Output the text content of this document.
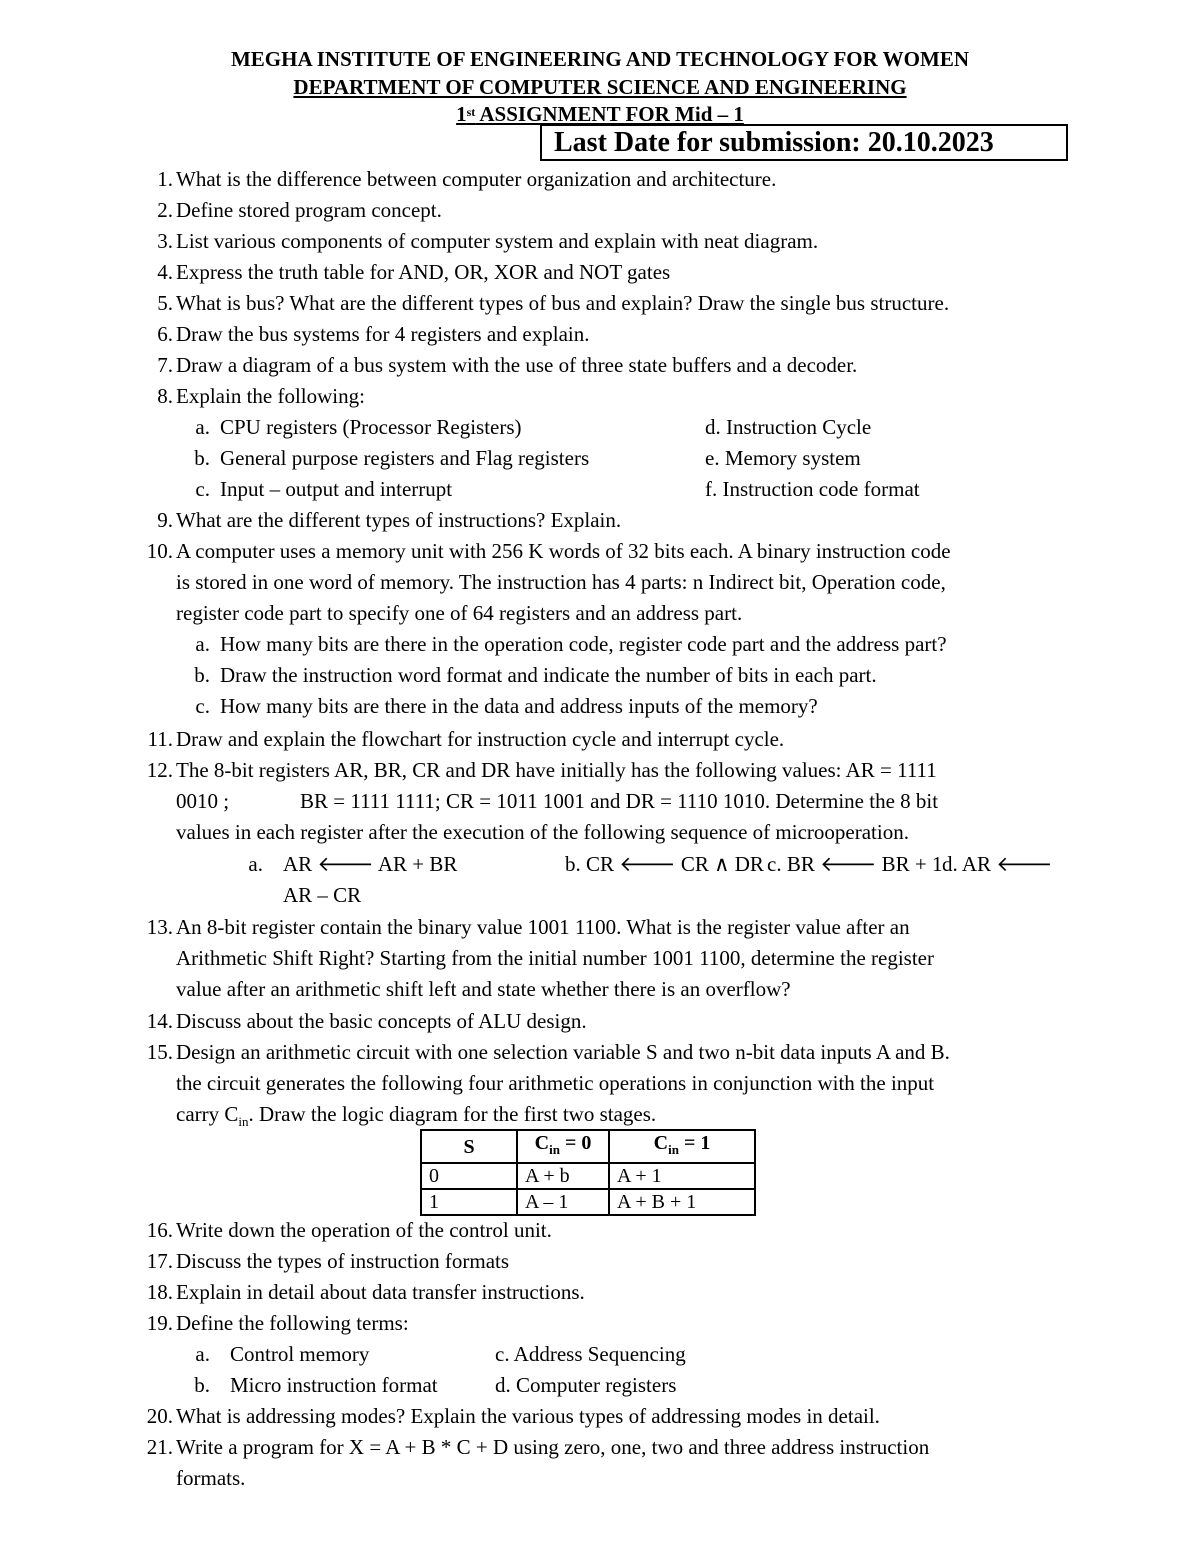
MEGHA INSTITUTE OF ENGINEERING AND TECHNOLOGY FOR WOMEN
DEPARTMENT OF COMPUTER SCIENCE AND ENGINEERING
1st ASSIGNMENT FOR Mid – 1
Last Date for submission: 20.10.2023
1. What is the difference between computer organization and architecture.
2. Define stored program concept.
3. List various components of computer system and explain with neat diagram.
4. Express the truth table for AND, OR, XOR and NOT gates
5. What is bus? What are the different types of bus and explain? Draw the single bus structure.
6. Draw the bus systems for 4 registers and explain.
7. Draw a diagram of a bus system with the use of three state buffers and a decoder.
8. Explain the following:
a. CPU registers (Processor Registers)	d. Instruction Cycle
b. General purpose registers and Flag registers	e. Memory system
c. Input – output and interrupt	f. Instruction code format
9. What are the different types of instructions? Explain.
10. A computer uses a memory unit with 256 K words of 32 bits each. A binary instruction code
is stored in one word of memory. The instruction has 4 parts: n Indirect bit, Operation code,
register code part to specify one of 64 registers and an address part.
a. How many bits are there in the operation code, register code part and the address part?
b. Draw the instruction word format and indicate the number of bits in each part.
c. How many bits are there in the data and address inputs of the memory?
11. Draw and explain the flowchart for instruction cycle and interrupt cycle.
12. The 8-bit registers AR, BR, CR and DR have initially has the following values: AR = 1111
0010 ;	BR = 1111 1111; CR = 1011 1001 and DR = 1110 1010. Determine the 8 bit
values in each register after the execution of the following sequence of microoperation.
a. AR 🡐 AR + BR	b. CR 🡐 CR ∧ DR c. BR 🡐 BR + 1 d. AR 🡐
AR – CR
13. An 8-bit register contain the binary value 1001 1100. What is the register value after an
Arithmetic Shift Right? Starting from the initial number 1001 1100, determine the register
value after an arithmetic shift left and state whether there is an overflow?
14. Discuss about the basic concepts of ALU design.
15. Design an arithmetic circuit with one selection variable S and two n-bit data inputs A and B.
the circuit generates the following four arithmetic operations in conjunction with the input
carry $C_{in}$. Draw the logic diagram for the first two stages.
S	$C_{in} = 0$	$C_{in} = 1$
0	A + b	A + 1
1	A – 1	A + B + 1
16. Write down the operation of the control unit.
17. Discuss the types of instruction formats
18. Explain in detail about data transfer instructions.
19. Define the following terms:
a. Control memory	c. Address Sequencing
b. Micro instruction format	d. Computer registers
20. What is addressing modes? Explain the various types of addressing modes in detail.
21. Write a program for X = A + B * C + D using zero, one, two and three address instruction
formats.
